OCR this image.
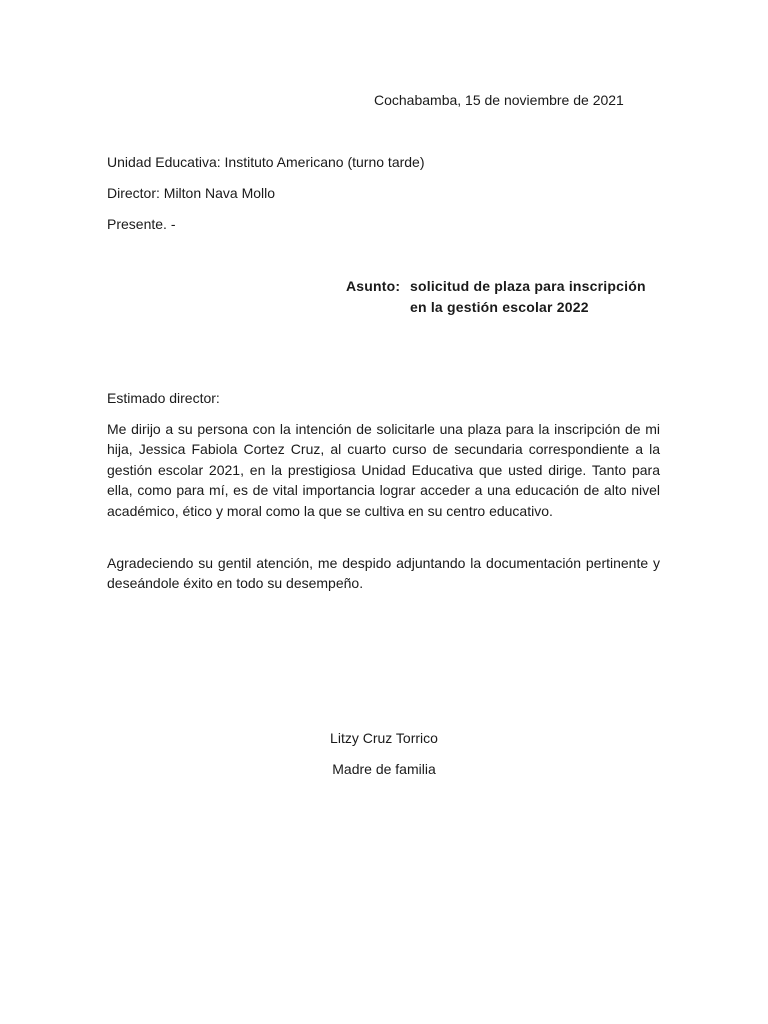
Cochabamba, 15 de noviembre de 2021
Unidad Educativa: Instituto Americano (turno tarde)
Director: Milton Nava Mollo
Presente. -
Asunto: solicitud de plaza para inscripción
en la gestión escolar 2022
Estimado director:

Me dirijo a su persona con la intención de solicitarle una plaza para la inscripción de mi hija, Jessica Fabiola Cortez Cruz, al cuarto curso de secundaria correspondiente a la gestión escolar 2021, en la prestigiosa Unidad Educativa que usted dirige. Tanto para ella, como para mí, es de vital importancia lograr acceder a una educación de alto nivel académico, ético y moral como la que se cultiva en su centro educativo.

Agradeciendo su gentil atención, me despido adjuntando la documentación pertinente y deseándole éxito en todo su desempeño.

Litzy Cruz Torrico
Madre de familia
